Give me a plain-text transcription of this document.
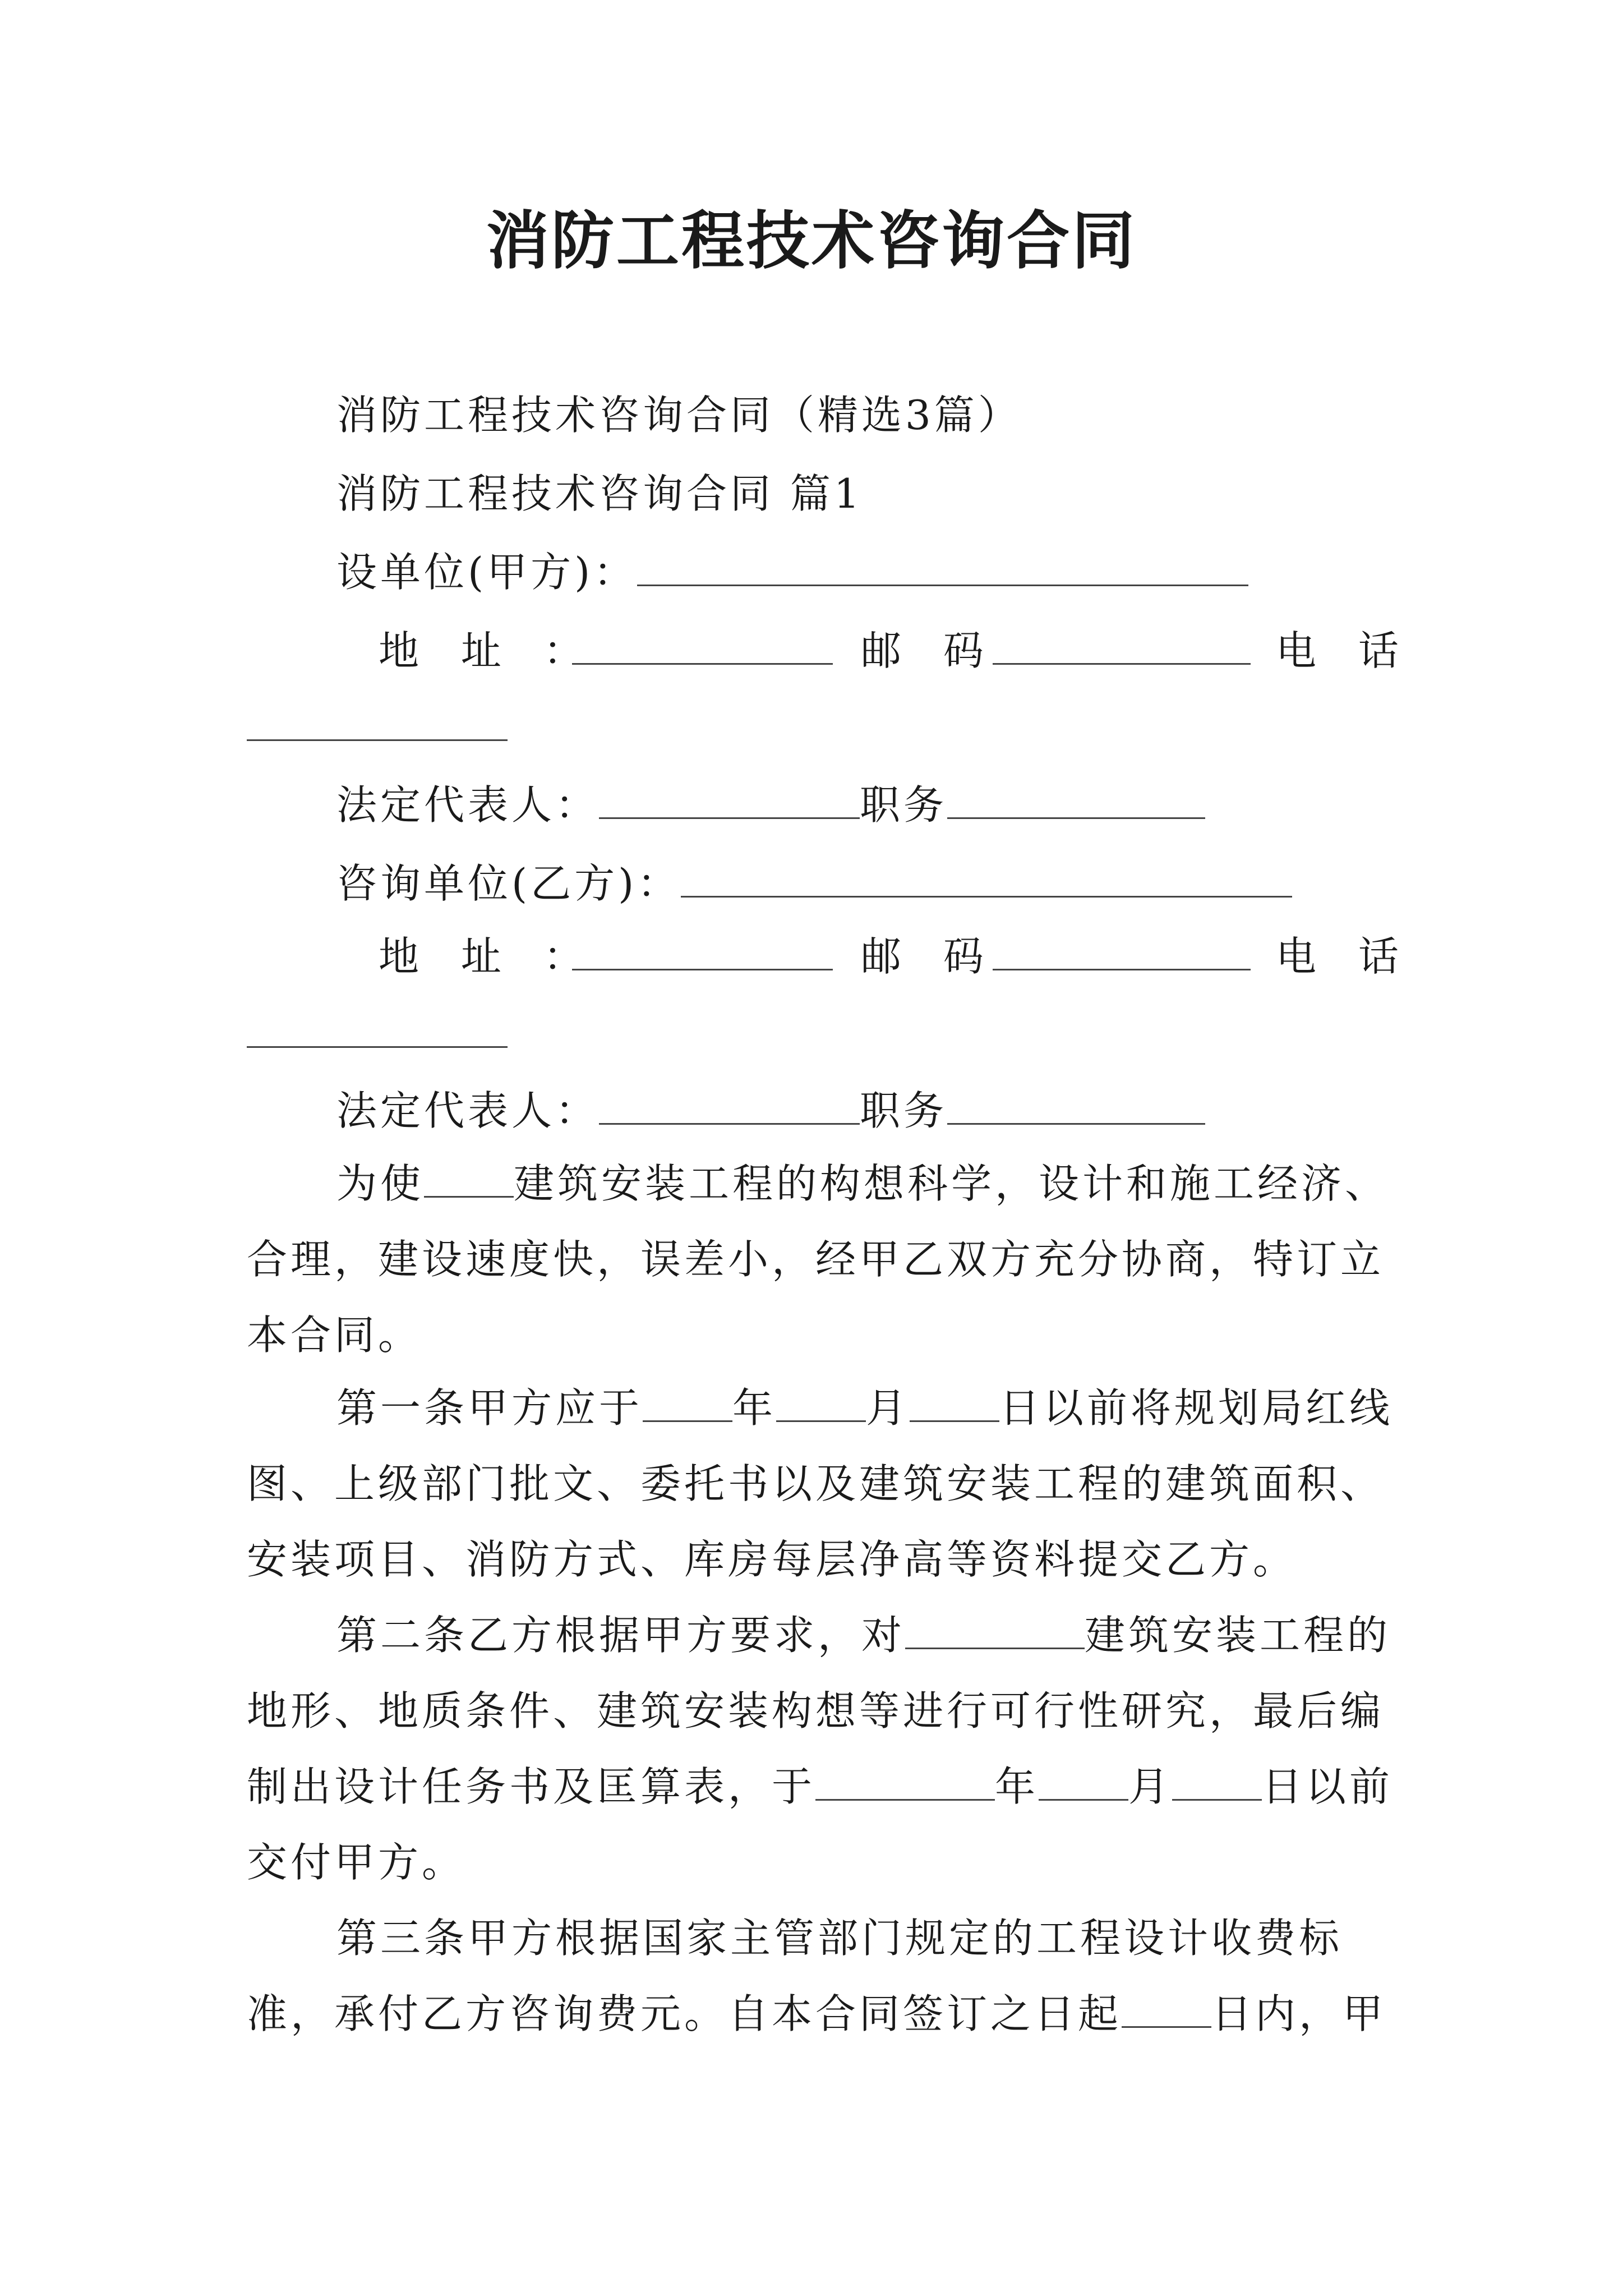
消防工程技术咨询合同
消防工程技术咨询合同（精选3篇）
消防工程技术咨询合同 篇1
设单位(甲方)：
地 址 ：	邮 码	电 话
法定代表人：	职务
咨询单位(乙方)：
地 址 ：	邮 码	电 话
法定代表人：	职务
为使 建筑安装工程的构想科学，设计和施工经济、
合理，建设速度快，误差小，经甲乙双方充分协商，特订立
本合同。
第一条甲方应于 年 月 日以前将规划局红线
图、上级部门批文、委托书以及建筑安装工程的建筑面积、
安装项目、消防方式、库房每层净高等资料提交乙方。
第二条乙方根据甲方要求，对	建筑安装工程的
地形、地质条件、建筑安装构想等进行可行性研究，最后编
制出设计任务书及匡算表，于	年 月 日以前
交付甲方。
第三条甲方根据国家主管部门规定的工程设计收费标
准，承付乙方咨询费元。自本合同签订之日起 日内，甲
